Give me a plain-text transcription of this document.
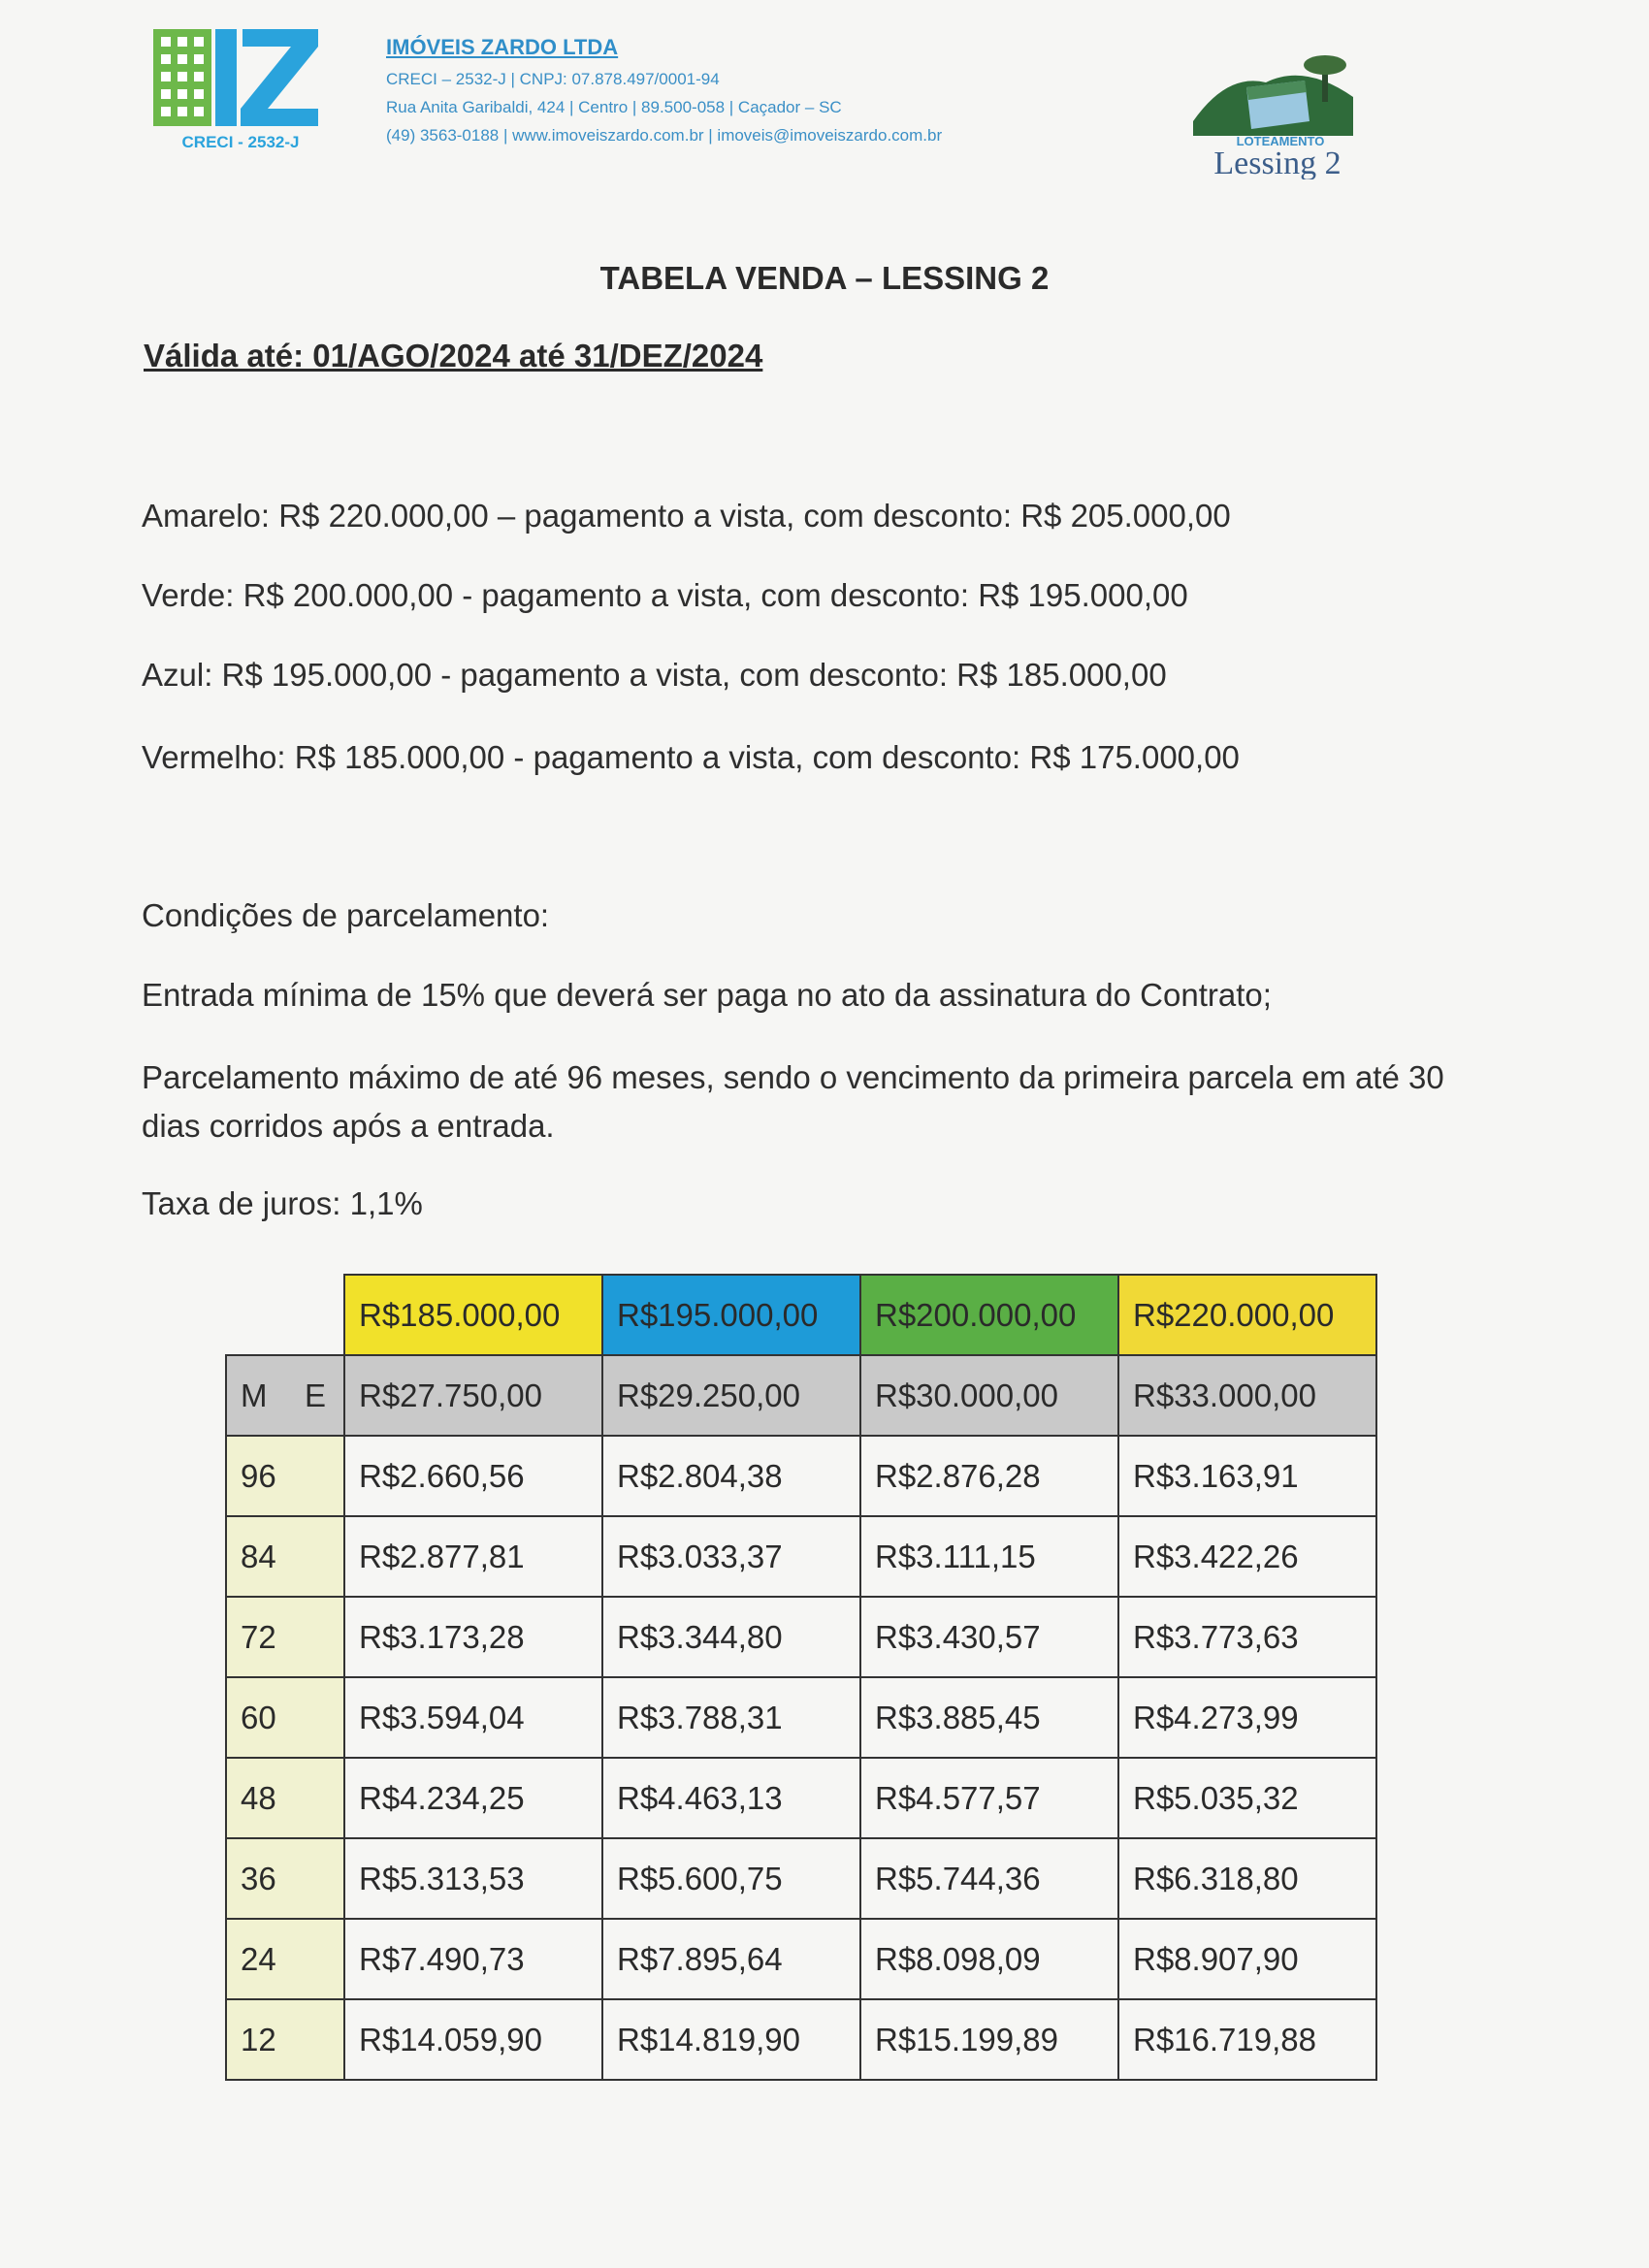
CRECI - 2532-J
IMÓVEIS ZARDO LTDA
CRECI – 2532-J | CNPJ: 07.878.497/0001-94
Rua Anita Garibaldi, 424 | Centro | 89.500-058 | Caçador – SC
(49) 3563-0188 | www.imoveiszardo.com.br | imoveis@imoveiszardo.com.br	LOTEAMENTO
Lessing 2
TABELA VENDA – LESSING 2
Válida até: 01/AGO/2024 até 31/DEZ/2024
Amarelo: R$ 220.000,00 – pagamento a vista, com desconto: R$ 205.000,00
Verde: R$ 200.000,00 - pagamento a vista, com desconto: R$ 195.000,00
Azul: R$ 195.000,00 - pagamento a vista, com desconto: R$ 185.000,00
Vermelho: R$ 185.000,00 - pagamento a vista, com desconto: R$ 175.000,00
Condições de parcelamento:
Entrada mínima de 15% que deverá ser paga no ato da assinatura do Contrato;
Parcelamento máximo de até 96 meses, sendo o vencimento da primeira parcela em até 30 dias corridos após a entrada.
Taxa de juros: 1,1%
		R$185.000,00	R$195.000,00	R$200.000,00	R$220.000,00
M	E	R$27.750,00	R$29.250,00	R$30.000,00	R$33.000,00
96		R$2.660,56	R$2.804,38	R$2.876,28	R$3.163,91
84		R$2.877,81	R$3.033,37	R$3.111,15	R$3.422,26
72		R$3.173,28	R$3.344,80	R$3.430,57	R$3.773,63
60		R$3.594,04	R$3.788,31	R$3.885,45	R$4.273,99
48		R$4.234,25	R$4.463,13	R$4.577,57	R$5.035,32
36		R$5.313,53	R$5.600,75	R$5.744,36	R$6.318,80
24		R$7.490,73	R$7.895,64	R$8.098,09	R$8.907,90
12		R$14.059,90	R$14.819,90	R$15.199,89	R$16.719,88
